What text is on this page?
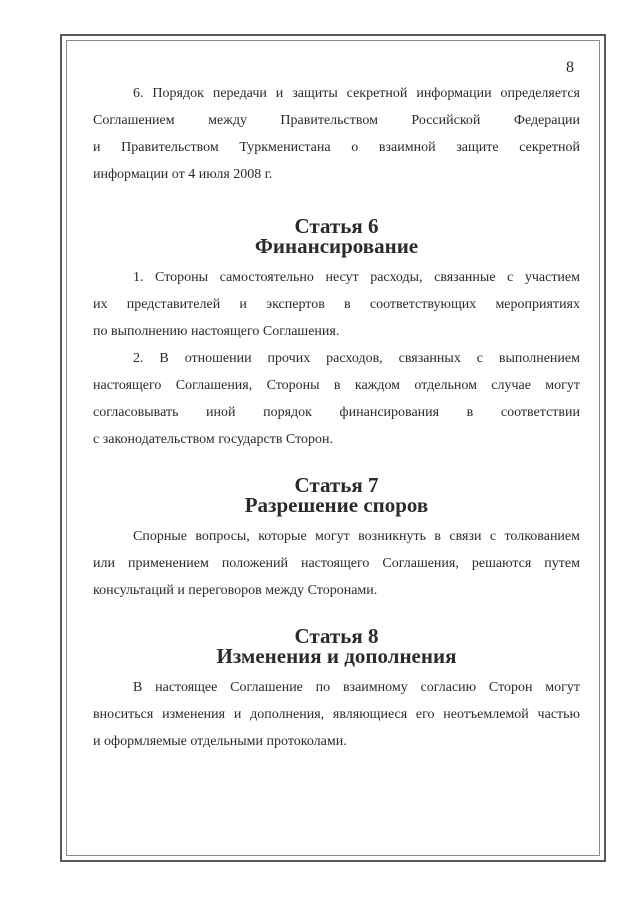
8

6. Порядок передачи и защиты секретной информации определяется
Соглашением между Правительством Российской Федерации
и Правительством Туркменистана о взаимной защите секретной
информации от 4 июля 2008 г.

Статья 6
Финансирование

1. Стороны самостоятельно несут расходы, связанные с участием
их представителей и экспертов в соответствующих мероприятиях
по выполнению настоящего Соглашения.

2. В отношении прочих расходов, связанных с выполнением
настоящего Соглашения, Стороны в каждом отдельном случае могут
согласовывать иной порядок финансирования в соответствии
с законодательством государств Сторон.

Статья 7
Разрешение споров

Спорные вопросы, которые могут возникнуть в связи с толкованием
или применением положений настоящего Соглашения, решаются путем
консультаций и переговоров между Сторонами.

Статья 8
Изменения и дополнения

В настоящее Соглашение по взаимному согласию Сторон могут
вноситься изменения и дополнения, являющиеся его неотъемлемой частью
и оформляемые отдельными протоколами.
